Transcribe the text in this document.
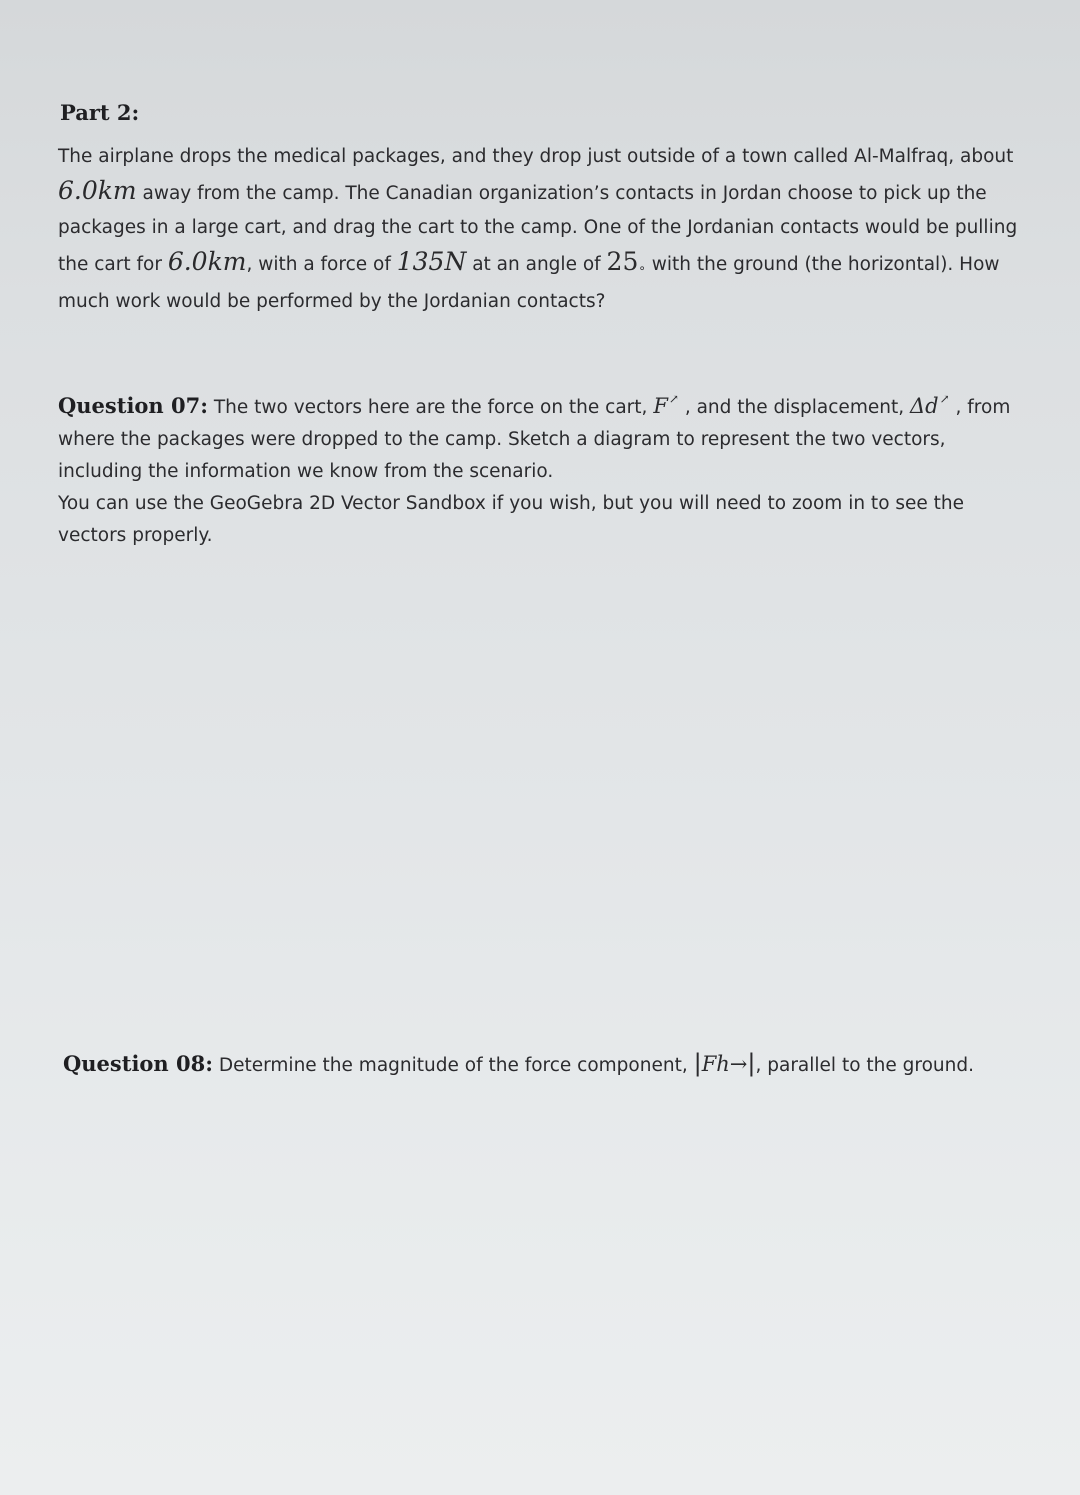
Part 2:
The airplane drops the medical packages, and they drop just outside of a town called Al-Malfraq, about
6.0km away from the camp. The Canadian organization’s contacts in Jordan choose to pick up the
packages in a large cart, and drag the cart to the camp. One of the Jordanian contacts would be pulling
the cart for 6.0km, with a force of 135N at an angle of 25∘ with the ground (the horizontal). How
much work would be performed by the Jordanian contacts?
Question 07: The two vectors here are the force on the cart, F↗ , and the displacement, Δd↗ , from
where the packages were dropped to the camp. Sketch a diagram to represent the two vectors,
including the information we know from the scenario.
You can use the GeoGebra 2D Vector Sandbox if you wish, but you will need to zoom in to see the
vectors properly.
Question 08: Determine the magnitude of the force component, |Fh→|, parallel to the ground.
